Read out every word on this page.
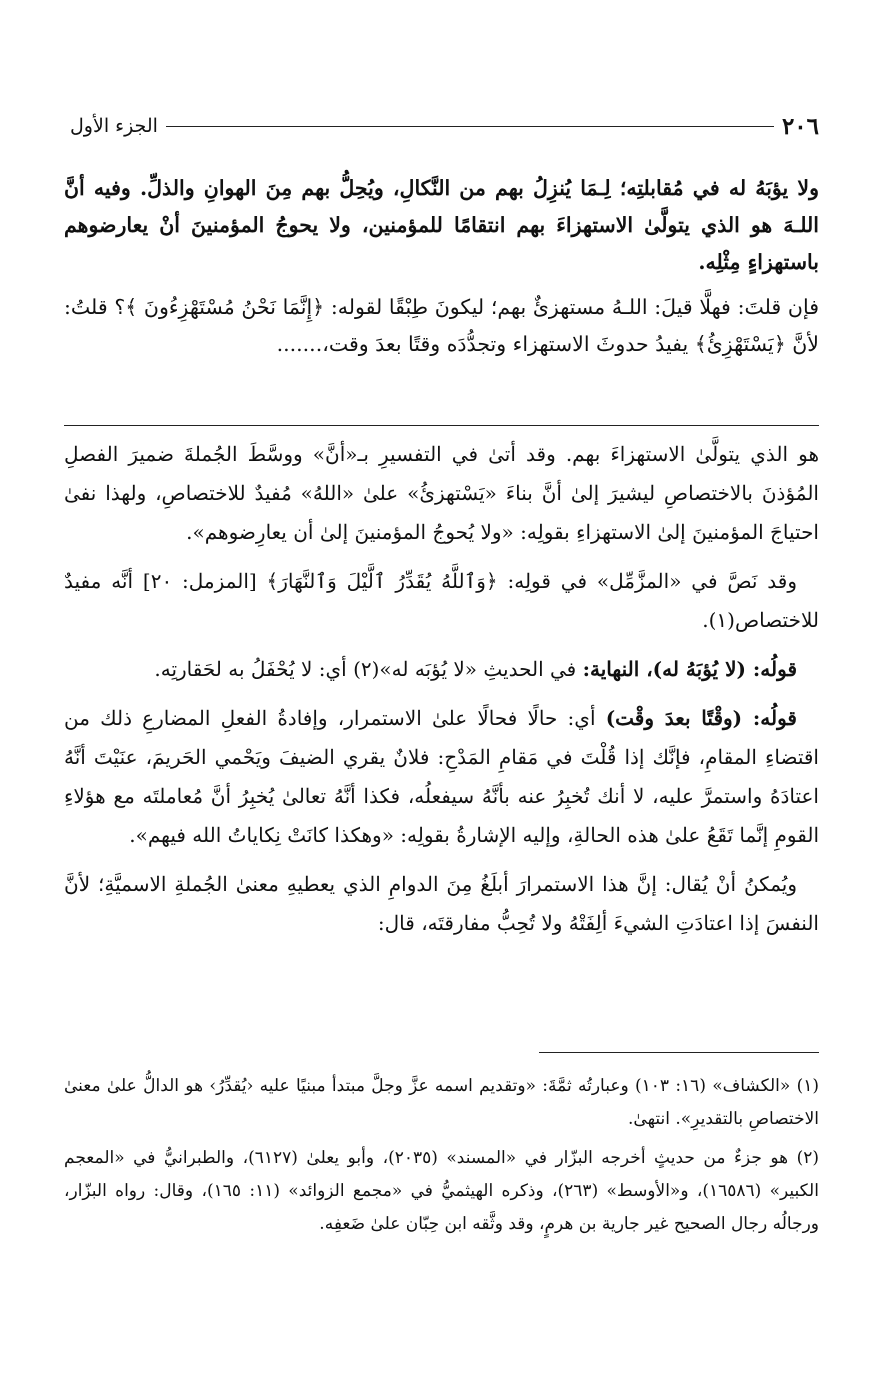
٢٠٦
الجزء الأول

ولا يؤبَهُ له في مُقابلتِه؛ لِـمَا يُنزِلُ بهم من النَّكالِ، ويُحِلُّ بهم مِنَ الهوانِ والذلِّ. وفيه أنَّ اللـهَ هو الذي يتولَّىٰ الاستهزاءَ بهم انتقامًا للمؤمنين، ولا يحوجُ المؤمنينَ أنْ يعارضوهم باستهزاءٍ مِثْلِه.

فإن قلتَ: فهلَّا قيلَ: اللـهُ مستهزئٌ بهم؛ ليكونَ طِبْقًا لقوله: ﴿إِنَّمَا نَحْنُ مُسْتَهْزِءُونَ ﴾؟ قلتُ: لأنَّ ﴿يَسْتَهْزِئُ﴾ يفيدُ حدوثَ الاستهزاء وتجدُّدَه وقتًا بعدَ وقت،.......

هو الذي يتولَّىٰ الاستهزاءَ بهم. وقد أتىٰ في التفسيرِ بـ«أنَّ» ووسَّطَ الجُملةَ ضميرَ الفصلِ المُؤذنَ بالاختصاصِ ليشيرَ إلىٰ أنَّ بناءَ «يَسْتهزئُ» علىٰ «اللهُ» مُفيدٌ للاختصاصِ، ولهذا نفىٰ احتياجَ المؤمنينَ إلىٰ الاستهزاءِ بقولِه: «ولا يُحوجُ المؤمنينَ إلىٰ أن يعارِضوهم».

وقد نَصَّ في «المزَّمِّل» في قولِه: ﴿وَٱللَّهُ يُقَدِّرُ ٱلَّيْلَ وَٱلنَّهَارَ﴾ [المزمل: ٢٠] أنَّه مفيدٌ للاختصاص(١).

قولُه: (لا يُؤبَهُ له)، النهاية: في الحديثِ «لا يُؤبَه له»(٢) أي: لا يُحْفَلُ به لحَقارتِه.

قولُه: (وقْتًا بعدَ وقْت) أي: حالًا فحالًا علىٰ الاستمرار، وإفادةُ الفعلِ المضارعِ ذلك من اقتضاءِ المقامِ، فإنَّك إذا قُلْتَ في مَقامِ المَدْحِ: فلانٌ يقري الضيفَ ويَحْمي الحَريمَ، عنَيْتَ أنَّهُ اعتادَهُ واستمرَّ عليه، لا أنك تُخبِرُ عنه بأنَّهُ سيفعلُه، فكذا أنَّهُ تعالىٰ يُخبِرُ أنَّ مُعاملتَه مع هؤلاءِ القومِ إنَّما تَقَعُ علىٰ هذه الحالةِ، وإليه الإشارةُ بقولِه: «وهكذا كانَتْ نِكاياتُ الله فيهم».

ويُمكنُ أنْ يُقال: إنَّ هذا الاستمرارَ أبلَغُ مِنَ الدوامِ الذي يعطيهِ معنىٰ الجُملةِ الاسميَّةِ؛ لأنَّ النفسَ إذا اعتادَتِ الشيءَ ألِفَتْهُ ولا تُحِبُّ مفارقتَه، قال:

(١) «الكشاف» (١٦: ١٠٣) وعبارتُه ثمَّةَ: «وتقديم اسمه عزَّ وجلَّ مبتدأ مبنيًا عليه ‹يُقدِّرُ› هو الدالُّ علىٰ معنىٰ الاختصاصِ بالتقديرِ». انتهىٰ.

(٢) هو جزءٌ من حديثٍ أخرجه البزّار في «المسند» (٢٠٣٥)، وأبو يعلىٰ (٦١٢٧)، والطبرانيُّ في «المعجم الكبير» (١٦٥٨٦)، و«الأوسط» (٢٦٣)، وذكره الهيثميُّ في «مجمع الزوائد» (١١: ١٦٥)، وقال: رواه البزّار، ورجالُه رجال الصحيح غير جارية بن هرمٍ، وقد وثَّقه ابن حِبّان علىٰ ضَعفِه.
